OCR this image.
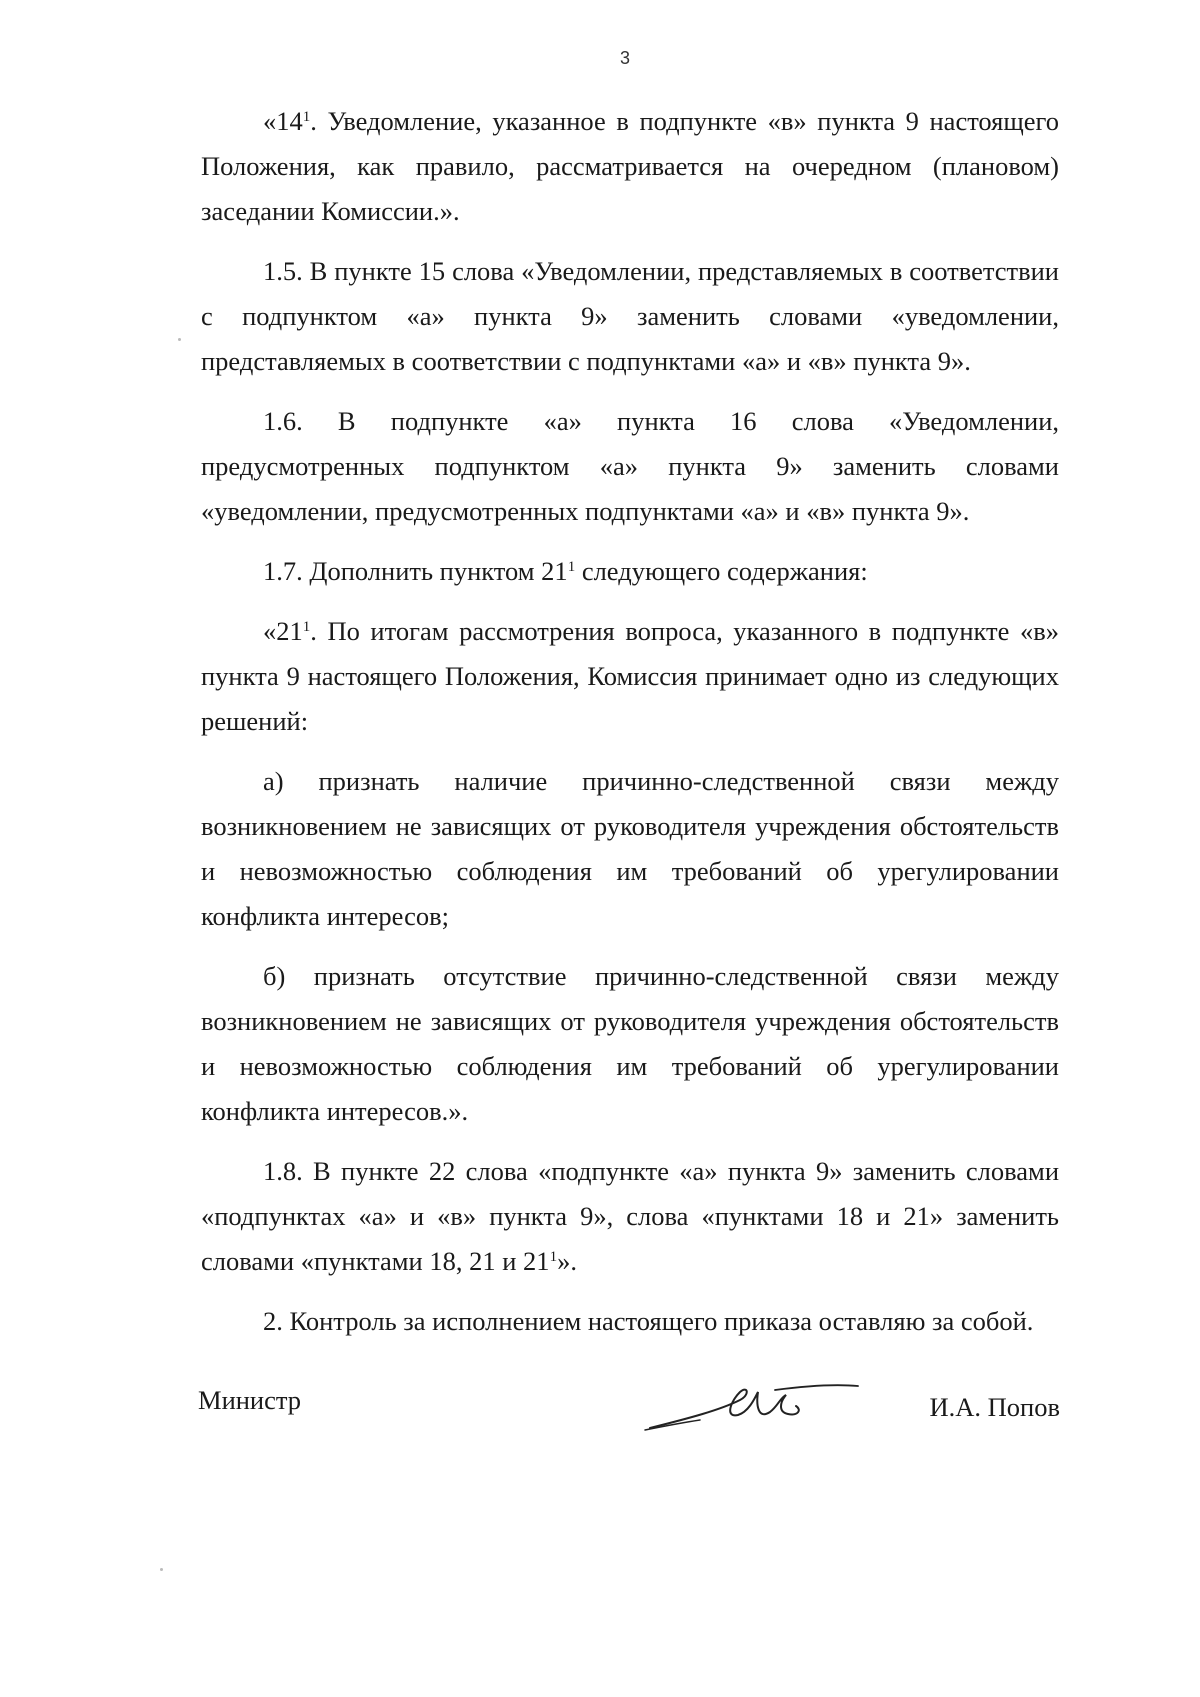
3

«$14^1$. Уведомление, указанное в подпункте «в» пункта 9 настоящего Положения, как правило, рассматривается на очередном (плановом) заседании Комиссии.».

1.5. В пункте 15 слова «Уведомлении, представляемых в соответствии с подпунктом «а» пункта 9» заменить словами «уведомлении, представляемых в соответствии с подпунктами «а» и «в» пункта 9».

1.6. В подпункте «а» пункта 16 слова «Уведомлении, предусмотренных подпунктом «а» пункта 9» заменить словами «уведомлении, предусмотренных подпунктами «а» и «в» пункта 9».

1.7. Дополнить пунктом $21^1$ следующего содержания:

«$21^1$. По итогам рассмотрения вопроса, указанного в подпункте «в» пункта 9 настоящего Положения, Комиссия принимает одно из следующих решений:

а) признать наличие причинно-следственной связи между возникновением не зависящих от руководителя учреждения обстоятельств и невозможностью соблюдения им требований об урегулировании конфликта интересов;

б) признать отсутствие причинно-следственной связи между возникновением не зависящих от руководителя учреждения обстоятельств и невозможностью соблюдения им требований об урегулировании конфликта интересов.».

1.8. В пункте 22 слова «подпункте «а» пункта 9» заменить словами «подпунктах «а» и «в» пункта 9», слова «пунктами 18 и 21» заменить словами «пунктами 18, 21 и $21^1$».

2. Контроль за исполнением настоящего приказа оставляю за собой.

Министр	И.А. Попов
